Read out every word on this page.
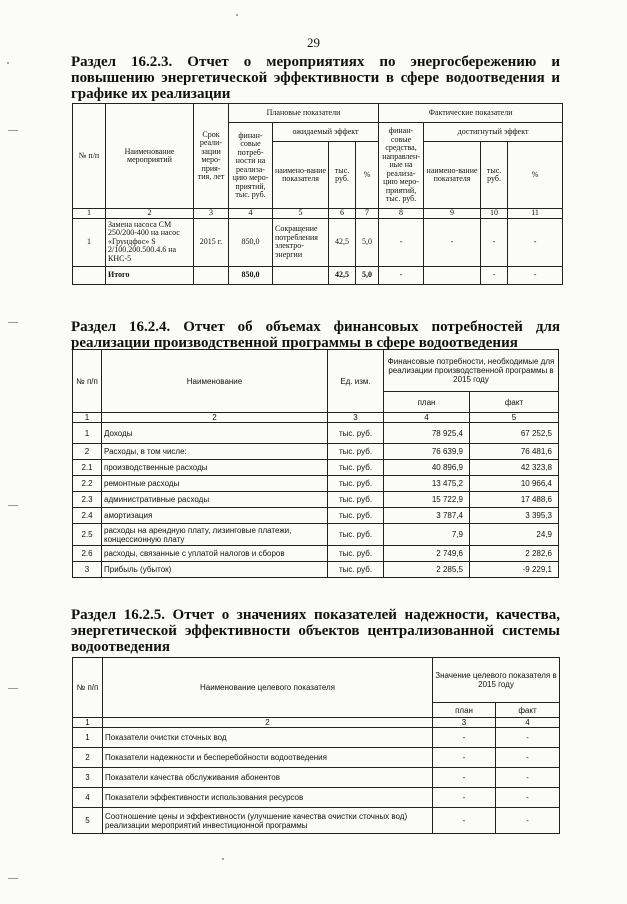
29
Раздел 16.2.3. Отчет о мероприятиях по энергосбережению и повышению энергетической эффективности в сфере водоотведения и графике их реализации
№ п/п	Наименование мероприятий	Срок реали-зации меро-прия-тия, лет	Плановые показатели				Фактические показатели			
			финан-совые потреб-ности на реализа-цию меро-приятий, тыс. руб.	ожидаемый эффект			финан-совые средства, направлен-ные на реализа-цию меро-приятий, тыс. руб.	достигнутый эффект		
				наимено-вание показателя	тыс. руб.	%		наимено-вание показателя	тыс. руб.	%
1	2	3	4	5	6	7	8	9	10	11
1	Замена насоса СМ 250/200-400 на насос «Грундфос» S 2/100.200.500.4.6 на КНС-5	2015 г.	850,0	Сокращение потребления электро-энергии	42,5	5,0	-	-	-	-
	Итого		850,0		42,5	5,0	-		-	-
Раздел 16.2.4. Отчет об объемах финансовых потребностей для реализации производственной программы в сфере водоотведения
№ п/п	Наименование	Ед. изм.	Финансовые потребности, необходимые для реализации производственной программы в 2015 году	
			план	факт
1	2	3	4	5
1	Доходы	тыс. руб.	78 925,4	67 252,5
2	Расходы, в том числе:	тыс. руб.	76 639,9	76 481,6
2.1	производственные расходы	тыс. руб.	40 896,9	42 323,8
2.2	ремонтные расходы	тыс. руб.	13 475,2	10 966,4
2.3	административные расходы	тыс. руб.	15 722,9	17 488,6
2.4	амортизация	тыс. руб.	3 787,4	3 395,3
2.5	расходы на арендную плату, лизинговые платежи, концессионную плату	тыс. руб.	7,9	24,9
2.6	расходы, связанные с уплатой налогов и сборов	тыс. руб.	2 749,6	2 282,6
3	Прибыль (убыток)	тыс. руб.	2 285,5	-9 229,1
Раздел 16.2.5. Отчет о значениях показателей надежности, качества, энергетической эффективности объектов централизованной системы водоотведения
№ п/п	Наименование целевого показателя	Значение целевого показателя в 2015 году	
		план	факт
1	2	3	4
1	Показатели очистки сточных вод	-	-
2	Показатели надежности и бесперебойности водоотведения	-	-
3	Показатели качества обслуживания абонентов	-	-
4	Показатели эффективности использования ресурсов	-	-
5	Соотношение цены и эффективности (улучшение качества очистки сточных вод) реализации мероприятий инвестиционной программы	-	-
